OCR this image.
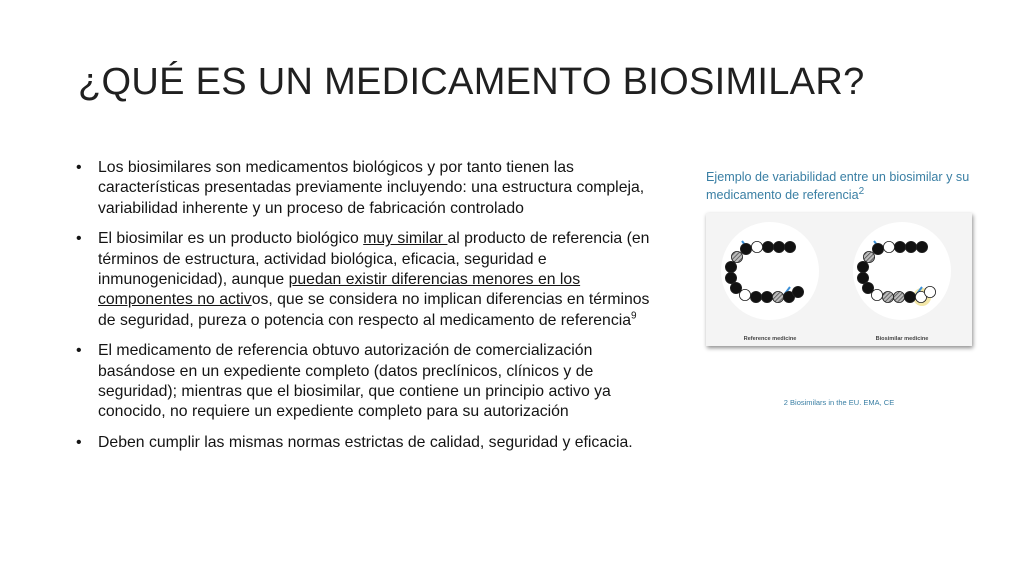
¿QUÉ ES UN MEDICAMENTO BIOSIMILAR?
• Los biosimilares son medicamentos biológicos y por tanto tienen las características presentadas previamente incluyendo: una estructura compleja, variabilidad inherente y un proceso de fabricación controlado
• El biosimilar es un producto biológico muy similar al producto de referencia (en términos de estructura, actividad biológica, eficacia, seguridad e inmunogenicidad), aunque puedan existir diferencias menores en los componentes no activos, que se considera no implican diferencias en términos de seguridad, pureza o potencia con respecto al medicamento de referencia$^9$
• El medicamento de referencia obtuvo autorización de comercialización basándose en un expediente completo (datos preclínicos, clínicos y de seguridad); mientras que el biosimilar, que contiene un principio activo ya conocido, no requiere un expediente completo para su autorización
• Deben cumplir las mismas normas estrictas de calidad, seguridad y eficacia.
Ejemplo de variabilidad entre un biosimilar y su medicamento de referencia$^2$
Reference medicine	Biosimilar medicine
2 Biosimilars in the EU. EMA, CE
